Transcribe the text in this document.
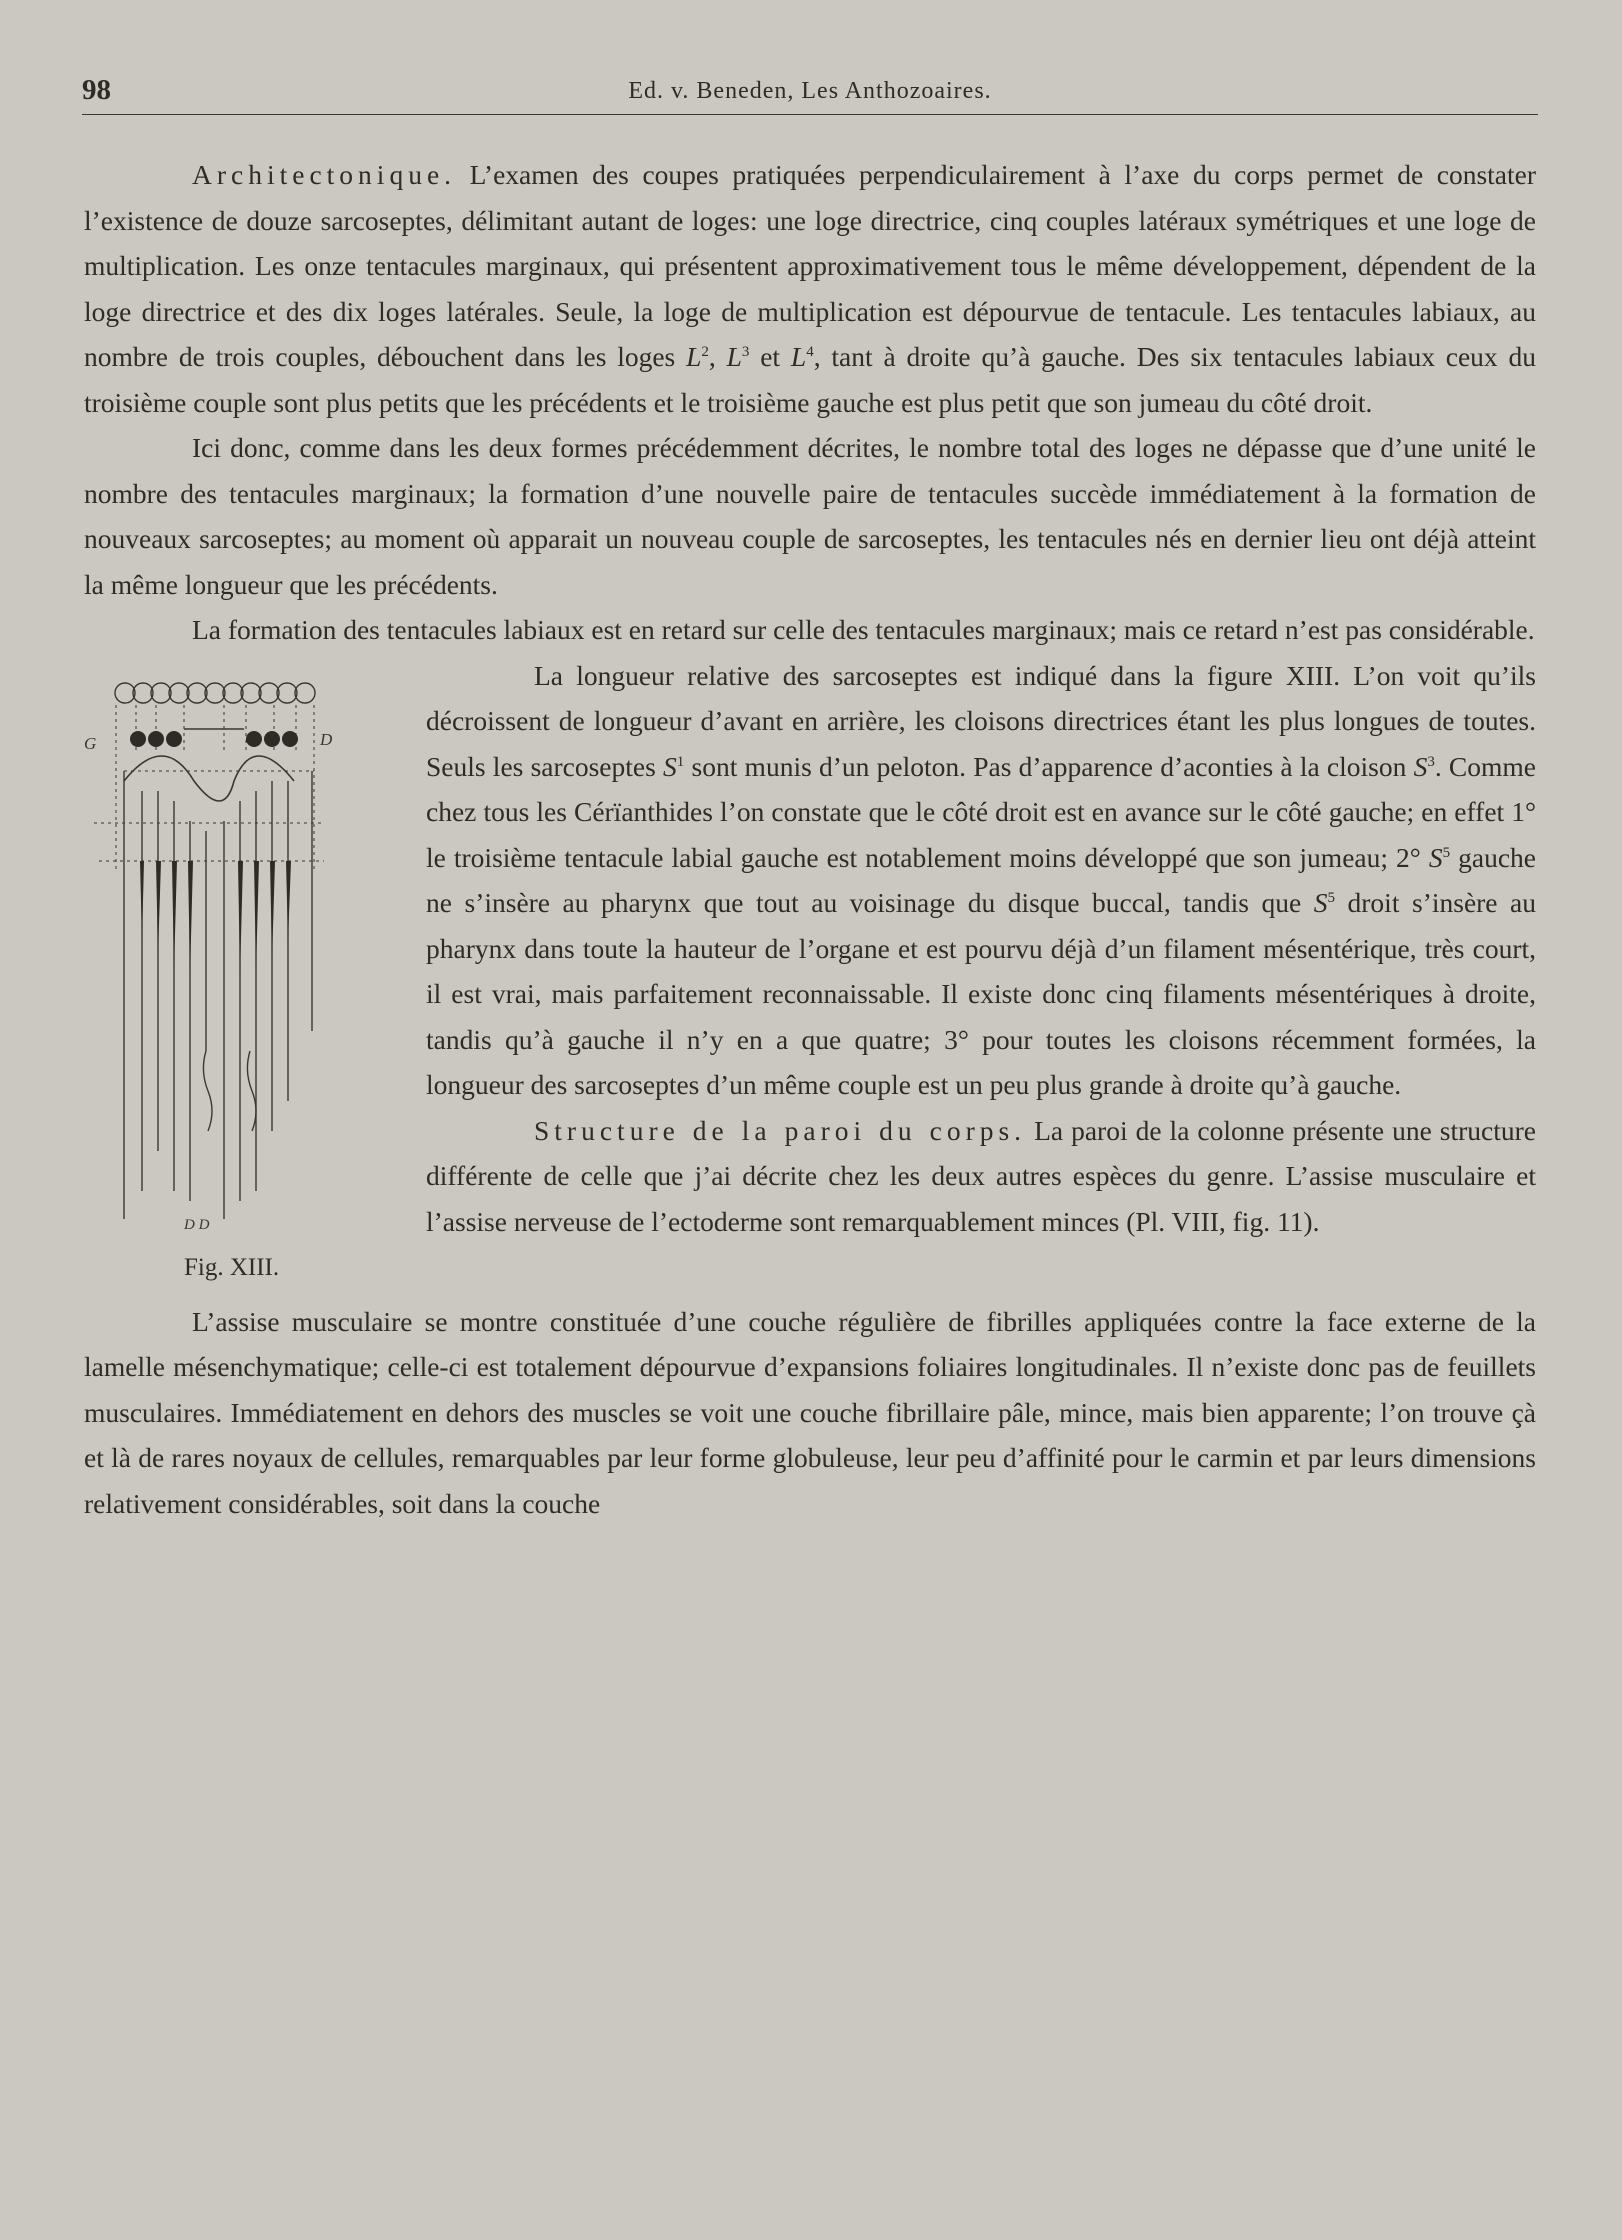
98	Ed. v. Beneden, Les Anthozoaires.

Architectonique. L’examen des coupes pratiquées perpendiculairement à l’axe du corps permet de constater l’existence de douze sarcoseptes, délimitant autant de loges: une loge directrice, cinq couples latéraux symétriques et une loge de multiplication. Les onze tentacules marginaux, qui présentent approximativement tous le même développement, dépendent de la loge directrice et des dix loges latérales. Seule, la loge de multiplication est dépourvue de tentacule. Les tentacules labiaux, au nombre de trois couples, débouchent dans les loges $L^2$, $L^3$ et $L^4$, tant à droite qu’à gauche. Des six tentacules labiaux ceux du troisième couple sont plus petits que les précédents et le troisième gauche est plus petit que son jumeau du côté droit.

Ici donc, comme dans les deux formes précédemment décrites, le nombre total des loges ne dépasse que d’une unité le nombre des tentacules marginaux; la formation d’une nouvelle paire de tentacules succède immédiatement à la formation de nouveaux sarcoseptes; au moment où apparait un nouveau couple de sarcoseptes, les tentacules nés en dernier lieu ont déjà atteint la même longueur que les précédents.

La formation des tentacules labiaux est en retard sur celle des tentacules marginaux; mais ce retard n’est pas considérable.

G	D
D D
Fig. XIII.

La longueur relative des sarcoseptes est indiqué dans la figure XIII. L’on voit qu’ils décroissent de longueur d’avant en arrière, les cloisons directrices étant les plus longues de toutes. Seuls les sarcoseptes $S^1$ sont munis d’un peloton. Pas d’apparence d’aconties à la cloison $S^3$. Comme chez tous les Cérïanthides l’on constate que le côté droit est en avance sur le côté gauche; en effet 1° le troisième tentacule labial gauche est notablement moins développé que son jumeau; 2° $S^5$ gauche ne s’insère au pharynx que tout au voisinage du disque buccal, tandis que $S^5$ droit s’insère au pharynx dans toute la hauteur de l’organe et est pourvu déjà d’un filament mésentérique, très court, il est vrai, mais parfaitement reconnaissable. Il existe donc cinq filaments mésentériques à droite, tandis qu’à gauche il n’y en a que quatre; 3° pour toutes les cloisons récemment formées, la longueur des sarcoseptes d’un même couple est un peu plus grande à droite qu’à gauche.

Structure de la paroi du corps. La paroi de la colonne présente une structure différente de celle que j’ai décrite chez les deux autres espèces du genre. L’assise musculaire et l’assise nerveuse de l’ectoderme sont remarquablement minces (Pl. VIII, fig. 11).

L’assise musculaire se montre constituée d’une couche régulière de fibrilles appliquées contre la face externe de la lamelle mésenchymatique; celle-ci est totalement dépourvue d’expansions foliaires longitudinales. Il n’existe donc pas de feuillets musculaires. Immédiatement en dehors des muscles se voit une couche fibrillaire pâle, mince, mais bien apparente; l’on trouve çà et là de rares noyaux de cellules, remarquables par leur forme globuleuse, leur peu d’affinité pour le carmin et par leurs dimensions relativement considérables, soit dans la couche
